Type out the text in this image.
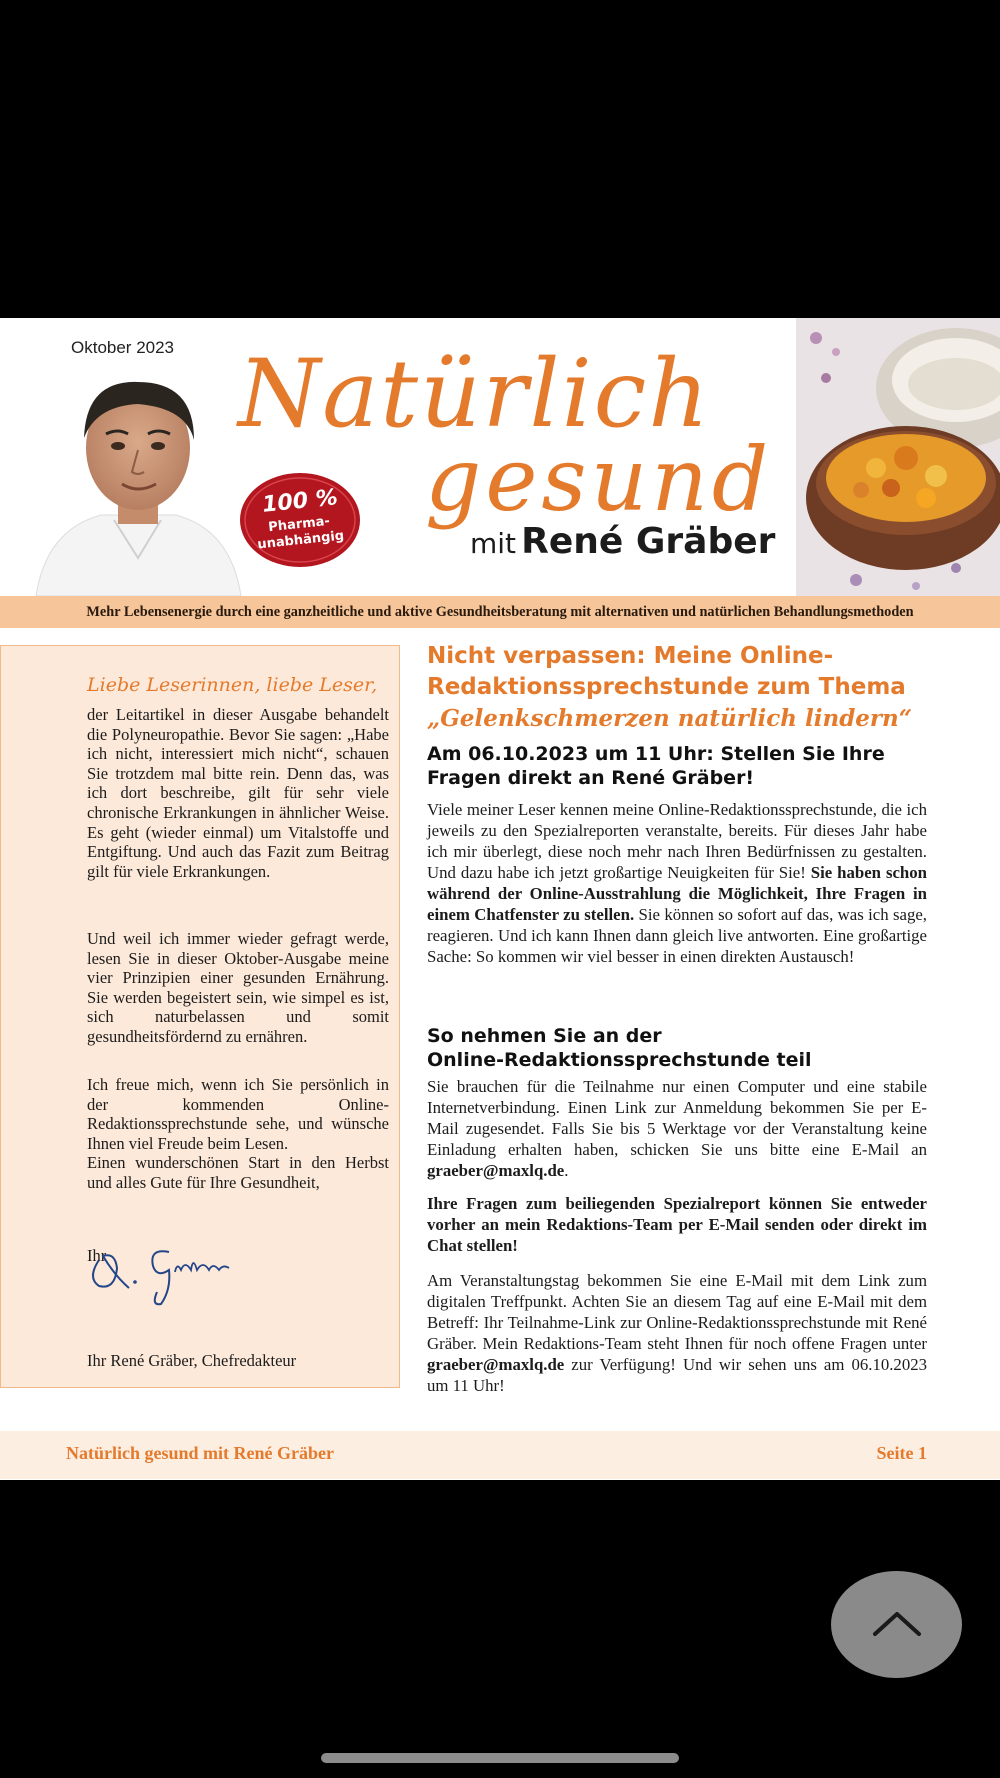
Oktober 2023
100 %
Pharma-
unabhängig
Natürlich
gesund
mit René Gräber
Mehr Lebensenergie durch eine ganzheitliche und aktive Gesundheitsberatung mit alternativen und natürlichen Behandlungsmethoden
Liebe Leserinnen, liebe Leser,

der Leitartikel in dieser Ausgabe behandelt die Polyneuropathie. Bevor Sie sagen: „Habe ich nicht, interessiert mich nicht“, schauen Sie trotzdem mal bitte rein. Denn das, was ich dort beschreibe, gilt für sehr viele chronische Erkrankungen in ähnlicher Weise. Es geht (wieder einmal) um Vitalstoffe und Entgiftung. Und auch das Fazit zum Beitrag gilt für viele Erkrankungen.

Und weil ich immer wieder gefragt werde, lesen Sie in dieser Oktober-Ausgabe meine vier Prinzipien einer gesunden Ernährung. Sie werden begeistert sein, wie simpel es ist, sich naturbelassen und somit gesundheitsfördernd zu ernähren.

Ich freue mich, wenn ich Sie persönlich in der kommenden Online-Redaktionssprechstunde sehe, und wünsche Ihnen viel Freude beim Lesen.

Einen wunderschönen Start in den Herbst und alles Gute für Ihre Gesundheit,

Ihr

Ihr René Gräber, Chefredakteur
Nicht verpassen: Meine Online-
Redaktionssprechstunde zum Thema
„Gelenkschmerzen natürlich lindern“
Am 06.10.2023 um 11 Uhr: Stellen Sie Ihre Fragen direkt an René Gräber!
Viele meiner Leser kennen meine Online-Redaktionssprechstunde, die ich jeweils zu den Spezialreporten veranstalte, bereits. Für dieses Jahr habe ich mir überlegt, diese noch mehr nach Ihren Bedürfnissen zu gestalten. Und dazu habe ich jetzt großartige Neuigkeiten für Sie! Sie haben schon während der Online-Ausstrahlung die Möglichkeit, Ihre Fragen in einem Chatfenster zu stellen. Sie können so sofort auf das, was ich sage, reagieren. Und ich kann Ihnen dann gleich live antworten. Eine großartige Sache: So kommen wir viel besser in einen direkten Austausch!
So nehmen Sie an der
Online-Redaktionssprechstunde teil
Sie brauchen für die Teilnahme nur einen Computer und eine stabile Internetverbindung. Einen Link zur Anmeldung bekommen Sie per E-Mail zugesendet. Falls Sie bis 5 Werktage vor der Veranstaltung keine Einladung erhalten haben, schicken Sie uns bitte eine E-Mail an graeber@maxlq.de.
Ihre Fragen zum beiliegenden Spezialreport können Sie entweder vorher an mein Redaktions-Team per E-Mail senden oder direkt im Chat stellen!
Am Veranstaltungstag bekommen Sie eine E-Mail mit dem Link zum digitalen Treffpunkt. Achten Sie an diesem Tag auf eine E-Mail mit dem Betreff: Ihr Teilnahme-Link zur Online-Redaktionssprechstunde mit René Gräber. Mein Redaktions-Team steht Ihnen für noch offene Fragen unter graeber@maxlq.de zur Verfügung! Und wir sehen uns am 06.10.2023 um 11 Uhr!
Natürlich gesund mit René Gräber	Seite 1
